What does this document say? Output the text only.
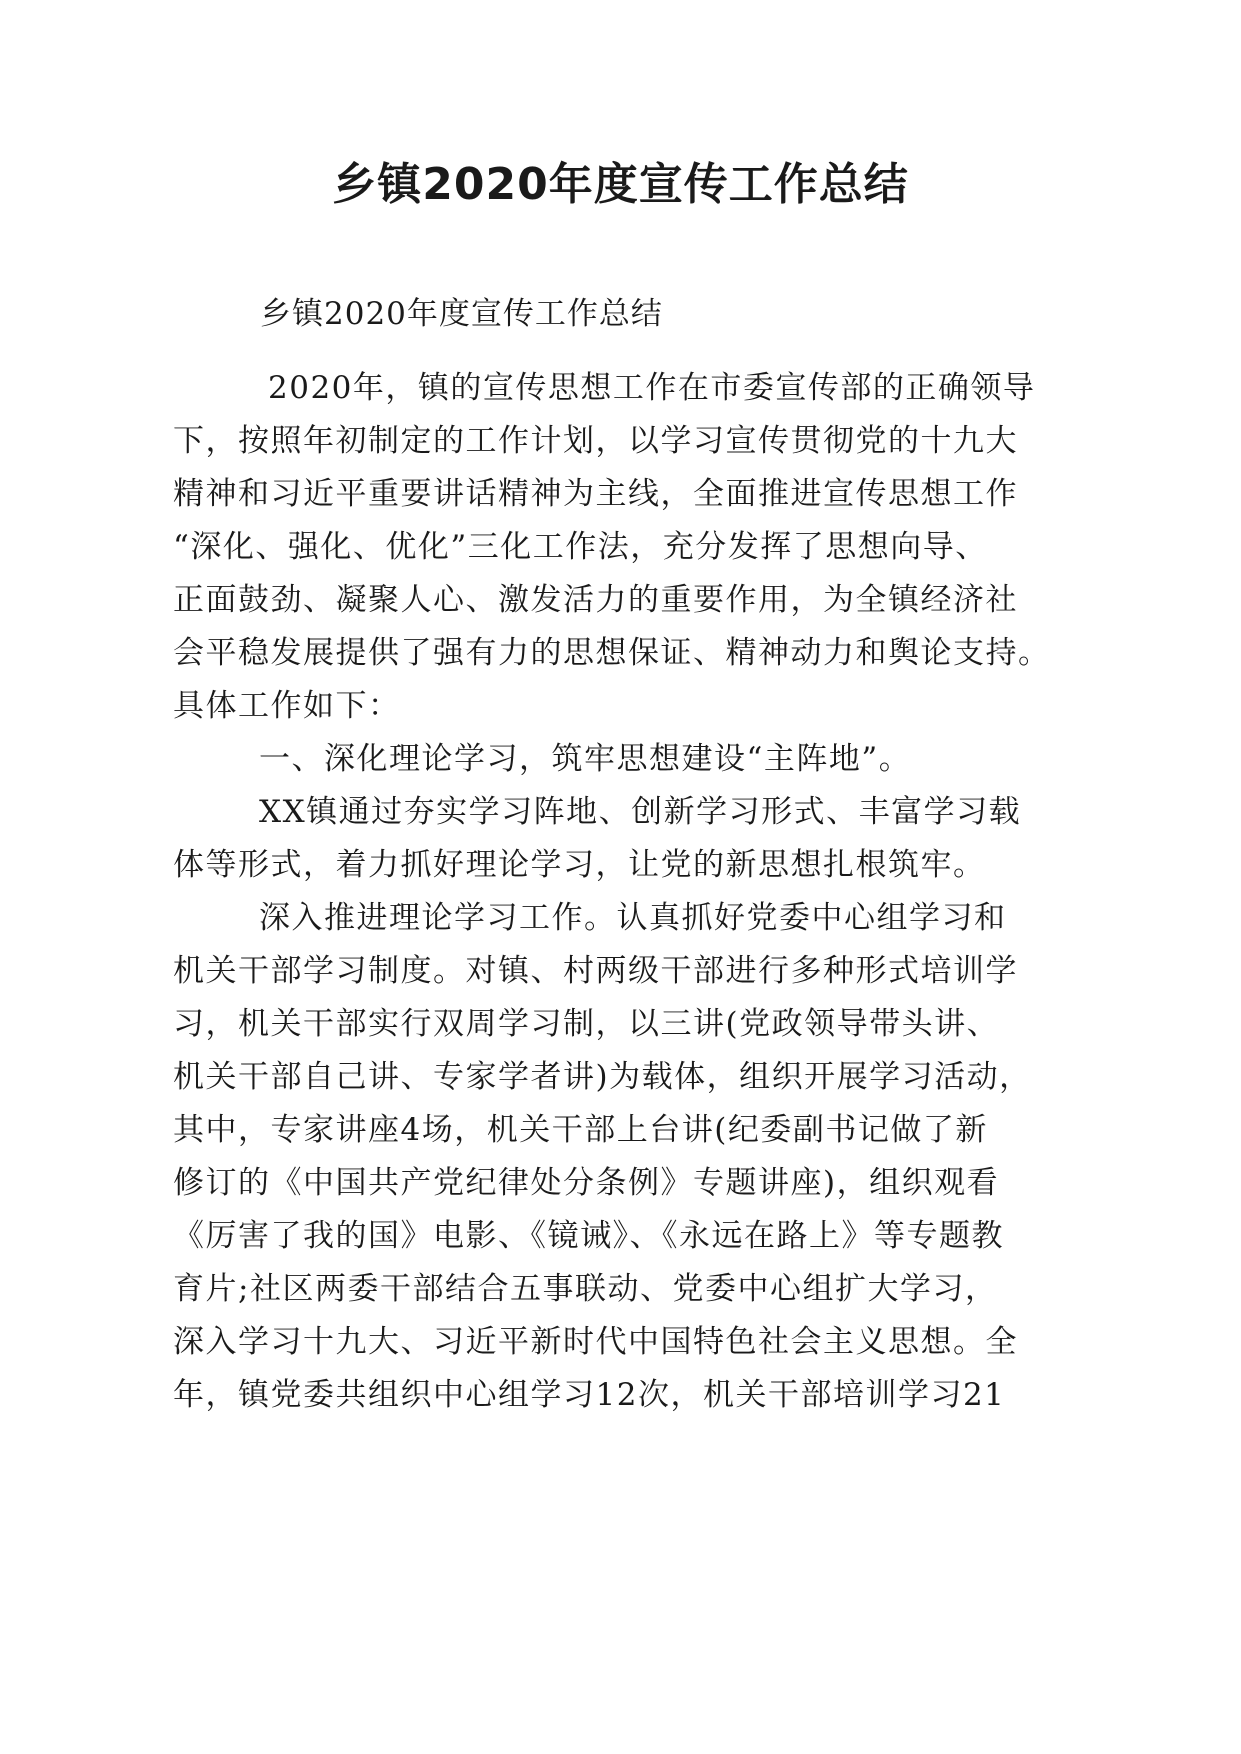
乡镇2020年度宣传工作总结
乡镇2020年度宣传工作总结
2020年，镇的宣传思想工作在市委宣传部的正确领导
下，按照年初制定的工作计划，以学习宣传贯彻党的十九大
精神和习近平重要讲话精神为主线，全面推进宣传思想工作
“深化、强化、优化”三化工作法，充分发挥了思想向导、
正面鼓劲、凝聚人心、激发活力的重要作用，为全镇经济社
会平稳发展提供了强有力的思想保证、精神动力和舆论支持。
具体工作如下：
一、深化理论学习，筑牢思想建设“主阵地”。
XX镇通过夯实学习阵地、创新学习形式、丰富学习载
体等形式，着力抓好理论学习，让党的新思想扎根筑牢。
深入推进理论学习工作。认真抓好党委中心组学习和
机关干部学习制度。对镇、村两级干部进行多种形式培训学
习，机关干部实行双周学习制，以三讲(党政领导带头讲、
机关干部自己讲、专家学者讲)为载体，组织开展学习活动，
其中，专家讲座4场，机关干部上台讲(纪委副书记做了新
修订的《中国共产党纪律处分条例》专题讲座)，组织观看
《厉害了我的国》电影、《镜诫》、《永远在路上》等专题教
育片;社区两委干部结合五事联动、党委中心组扩大学习，
深入学习十九大、习近平新时代中国特色社会主义思想。全
年，镇党委共组织中心组学习12次，机关干部培训学习21
